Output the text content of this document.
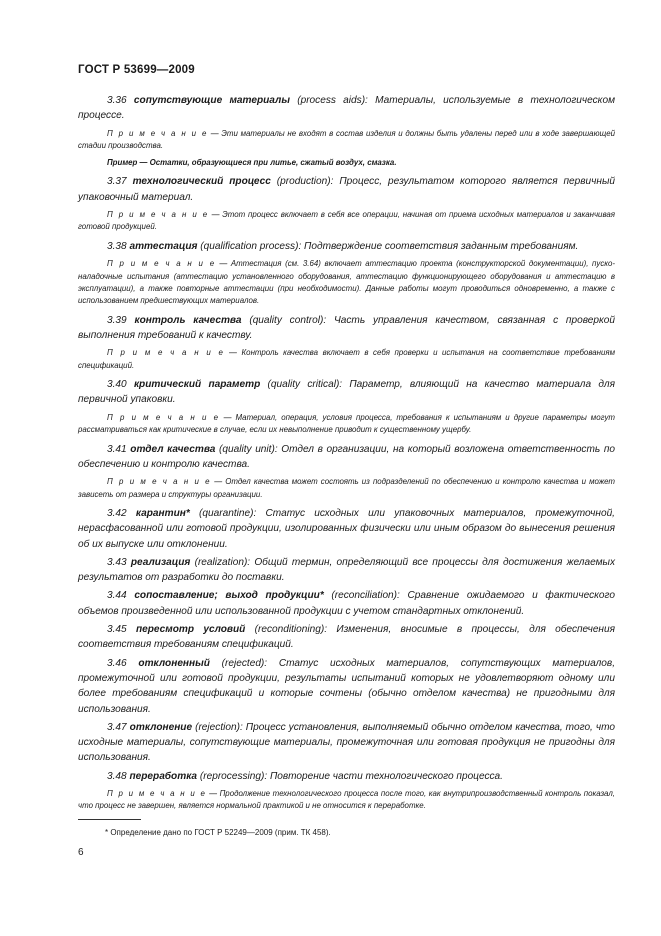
ГОСТ Р 53699—2009

3.36 сопутствующие материалы (process aids): Материалы, используемые в технологическом процессе.

П р и м е ч а н и е — Эти материалы не входят в состав изделия и должны быть удалены перед или в ходе завершающей стадии производства.

Пример — Остатки, образующиеся при литье, сжатый воздух, смазка.

3.37 технологический процесс (production): Процесс, результатом которого является первичный упаковочный материал.

П р и м е ч а н и е — Этот процесс включает в себя все операции, начиная от приема исходных материалов и заканчивая готовой продукцией.

3.38 аттестация (qualification process): Подтверждение соответствия заданным требованиям.

П р и м е ч а н и е — Аттестация (см. 3.64) включает аттестацию проекта (конструкторской документации), пуско-наладочные испытания (аттестацию установленного оборудования, аттестацию функционирующего оборудования и аттестацию в эксплуатации), а также повторные аттестации (при необходимости). Данные работы могут проводиться одновременно, а также с использованием предшествующих материалов.

3.39 контроль качества (quality control): Часть управления качеством, связанная с проверкой выполнения требований к качеству.

П р и м е ч а н и е — Контроль качества включает в себя проверки и испытания на соответствие требованиям спецификаций.

3.40 критический параметр (quality critical): Параметр, влияющий на качество материала для первичной упаковки.

П р и м е ч а н и е — Материал, операция, условия процесса, требования к испытаниям и другие параметры могут рассматриваться как критические в случае, если их невыполнение приводит к существенному ущербу.

3.41 отдел качества (quality unit): Отдел в организации, на который возложена ответственность по обеспечению и контролю качества.

П р и м е ч а н и е — Отдел качества может состоять из подразделений по обеспечению и контролю качества и может зависеть от размера и структуры организации.

3.42 карантин* (quarantine): Статус исходных или упаковочных материалов, промежуточной, нерасфасованной или готовой продукции, изолированных физически или иным образом до вынесения решения об их выпуске или отклонении.

3.43 реализация (realization): Общий термин, определяющий все процессы для достижения желаемых результатов от разработки до поставки.

3.44 сопоставление; выход продукции* (reconciliation): Сравнение ожидаемого и фактического объемов произведенной или использованной продукции с учетом стандартных отклонений.

3.45 пересмотр условий (reconditioning): Изменения, вносимые в процессы, для обеспечения соответствия требованиям спецификаций.

3.46 отклоненный (rejected): Статус исходных материалов, сопутствующих материалов, промежуточной или готовой продукции, результаты испытаний которых не удовлетворяют одному или более требованиям спецификаций и которые сочтены (обычно отделом качества) не пригодными для использования.

3.47 отклонение (rejection): Процесс установления, выполняемый обычно отделом качества, того, что исходные материалы, сопутствующие материалы, промежуточная или готовая продукция не пригодны для использования.

3.48 переработка (reprocessing): Повторение части технологического процесса.

П р и м е ч а н и е — Продолжение технологического процесса после того, как внутрипроизводственный контроль показал, что процесс не завершен, является нормальной практикой и не относится к переработке.

* Определение дано по ГОСТ Р 52249—2009 (прим. ТК 458).
6
